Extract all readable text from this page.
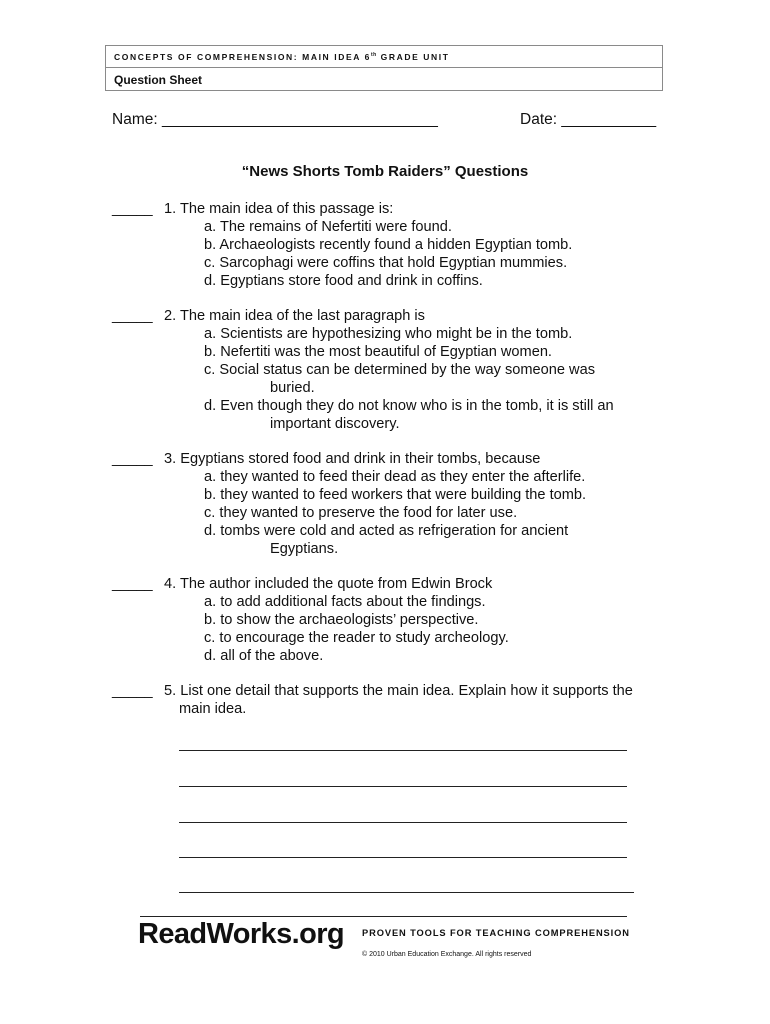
CONCEPTS OF COMPREHENSION: MAIN IDEA 6th GRADE UNIT
Question Sheet
Name: ________________________________	Date: ___________
“News Shorts Tomb Raiders” Questions
_____ 1. The main idea of this passage is:
a. The remains of Nefertiti were found.
b. Archaeologists recently found a hidden Egyptian tomb.
c. Sarcophagi were coffins that hold Egyptian mummies.
d. Egyptians store food and drink in coffins.
_____ 2. The main idea of the last paragraph is
a. Scientists are hypothesizing who might be in the tomb.
b. Nefertiti was the most beautiful of Egyptian women.
c. Social status can be determined by the way someone was
buried.
d. Even though they do not know who is in the tomb, it is still an
important discovery.
_____ 3. Egyptians stored food and drink in their tombs, because
a. they wanted to feed their dead as they enter the afterlife.
b. they wanted to feed workers that were building the tomb.
c. they wanted to preserve the food for later use.
d. tombs were cold and acted as refrigeration for ancient
Egyptians.
_____ 4. The author included the quote from Edwin Brock
a. to add additional facts about the findings.
b. to show the archaeologists’ perspective.
c. to encourage the reader to study archeology.
d. all of the above.
_____ 5. List one detail that supports the main idea. Explain how it supports the
main idea.
ReadWorks.org PROVEN TOOLS FOR TEACHING COMPREHENSION
© 2010 Urban Education Exchange. All rights reserved
